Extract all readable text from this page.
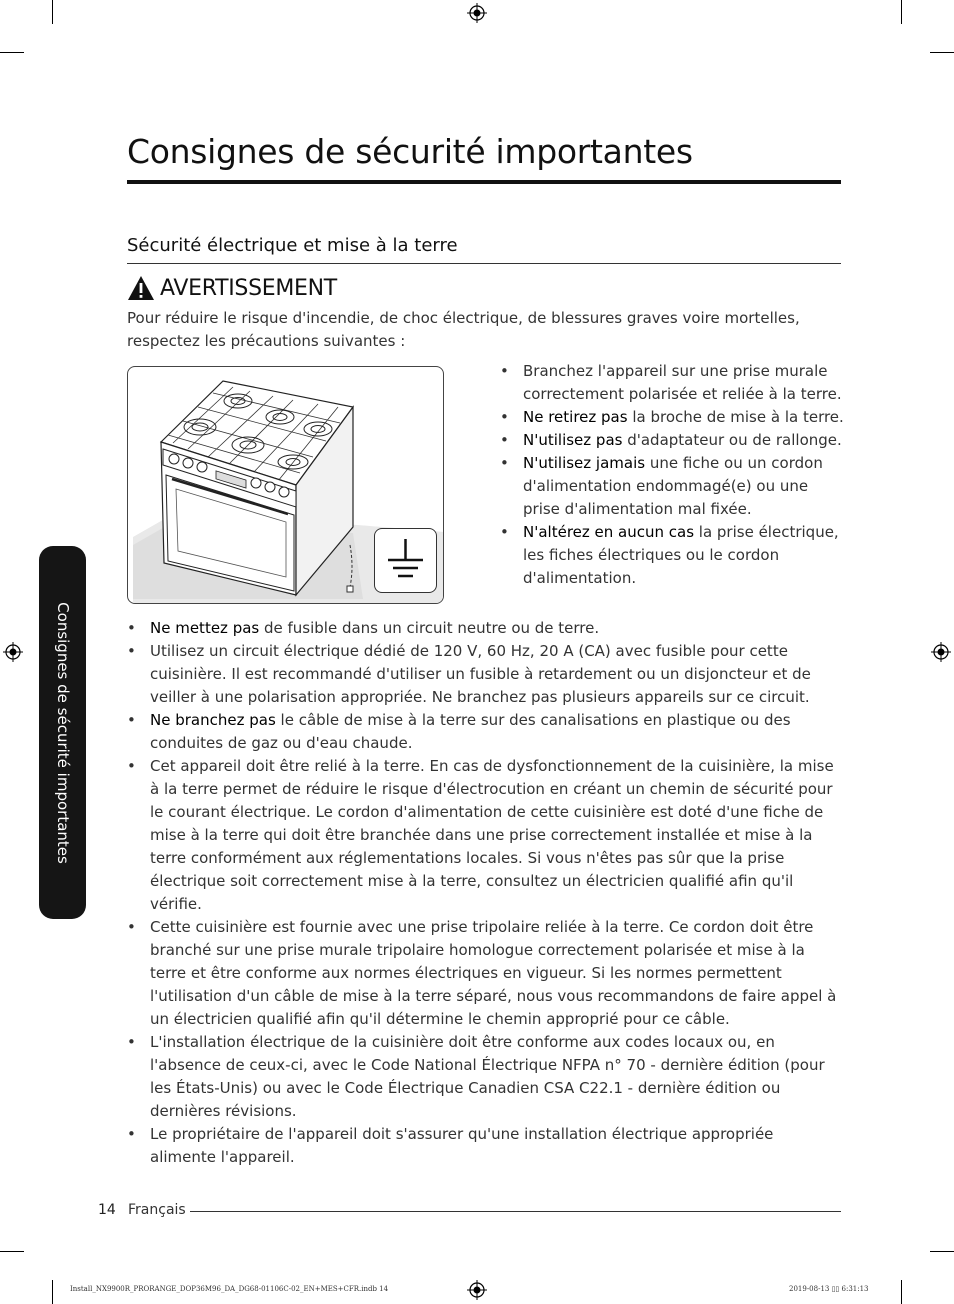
Consignes de sécurité importantes
Sécurité électrique et mise à la terre
AVERTISSEMENT

Pour réduire le risque d'incendie, de choc électrique, de blessures graves voire mortelles, respectez les précautions suivantes :

• Branchez l'appareil sur une prise murale correctement polarisée et reliée à la terre.
• Ne retirez pas la broche de mise à la terre.
• N'utilisez pas d'adaptateur ou de rallonge.
• N'utilisez jamais une fiche ou un cordon d'alimentation endommagé(e) ou une prise d'alimentation mal fixée.
• N'altérez en aucun cas la prise électrique, les fiches électriques ou le cordon d'alimentation.
• Ne mettez pas de fusible dans un circuit neutre ou de terre.
• Utilisez un circuit électrique dédié de 120 V, 60 Hz, 20 A (CA) avec fusible pour cette cuisinière. Il est recommandé d'utiliser un fusible à retardement ou un disjoncteur et de veiller à une polarisation appropriée. Ne branchez pas plusieurs appareils sur ce circuit.
• Ne branchez pas le câble de mise à la terre sur des canalisations en plastique ou des conduites de gaz ou d'eau chaude.
• Cet appareil doit être relié à la terre. En cas de dysfonctionnement de la cuisinière, la mise à la terre permet de réduire le risque d'électrocution en créant un chemin de sécurité pour le courant électrique. Le cordon d'alimentation de cette cuisinière est doté d'une fiche de mise à la terre qui doit être branchée dans une prise correctement installée et mise à la terre conformément aux réglementations locales. Si vous n'êtes pas sûr que la prise électrique soit correctement mise à la terre, consultez un électricien qualifié afin qu'il vérifie.
• Cette cuisinière est fournie avec une prise tripolaire reliée à la terre. Ce cordon doit être branché sur une prise murale tripolaire homologue correctement polarisée et mise à la terre et être conforme aux normes électriques en vigueur. Si les normes permettent l'utilisation d'un câble de mise à la terre séparé, nous vous recommandons de faire appel à un électricien qualifié afin qu'il détermine le chemin approprié pour ce câble.
• L'installation électrique de la cuisinière doit être conforme aux codes locaux ou, en l'absence de ceux-ci, avec le Code National Électrique NFPA n° 70 - dernière édition (pour les États-Unis) ou avec le Code Électrique Canadien CSA C22.1 - dernière édition ou dernières révisions.
• Le propriétaire de l'appareil doit s'assurer qu'une installation électrique appropriée alimente l'appareil.
Consignes de sécurité importantes
14 Français
Install_NX9900R_PRORANGE_DOP36M96_DA_DG68-01106C-02_EN+MES+CFR.indb 14	2019-08-13 ▯▯ 6:31:13
